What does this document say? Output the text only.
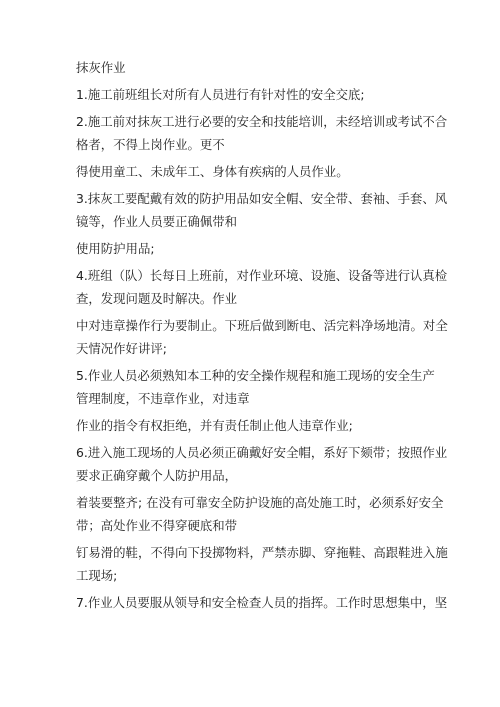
抹灰作业

1.施工前班组长对所有人员进行有针对性的安全交底;

2.施工前对抹灰工进行必要的安全和技能培训，未经培训或考试不合

格者，不得上岗作业。更不

得使用童工、未成年工、身体有疾病的人员作业。

3.抹灰工要配戴有效的防护用品如安全帽、安全带、套袖、手套、风

镜等，作业人员要正确佩带和

使用防护用品;

4.班组（队）长每日上班前，对作业环境、设施、设备等进行认真检

查，发现问题及时解决。作业

中对违章操作行为要制止。下班后做到断电、活完料净场地清。对全

天情况作好讲评;

5.作业人员必须熟知本工种的安全操作规程和施工现场的安全生产

管理制度，不违章作业，对违章

作业的指令有权拒绝，并有责任制止他人违章作业;

6.进入施工现场的人员必须正确戴好安全帽，系好下颏带；按照作业

要求正确穿戴个人防护用品，

着装要整齐; 在没有可靠安全防护设施的高处施工时，必须系好安全

带；高处作业不得穿硬底和带

钉易滑的鞋，不得向下投掷物料，严禁赤脚、穿拖鞋、高跟鞋进入施

工现场;

7.作业人员要服从领导和安全检查人员的指挥。工作时思想集中，坚
